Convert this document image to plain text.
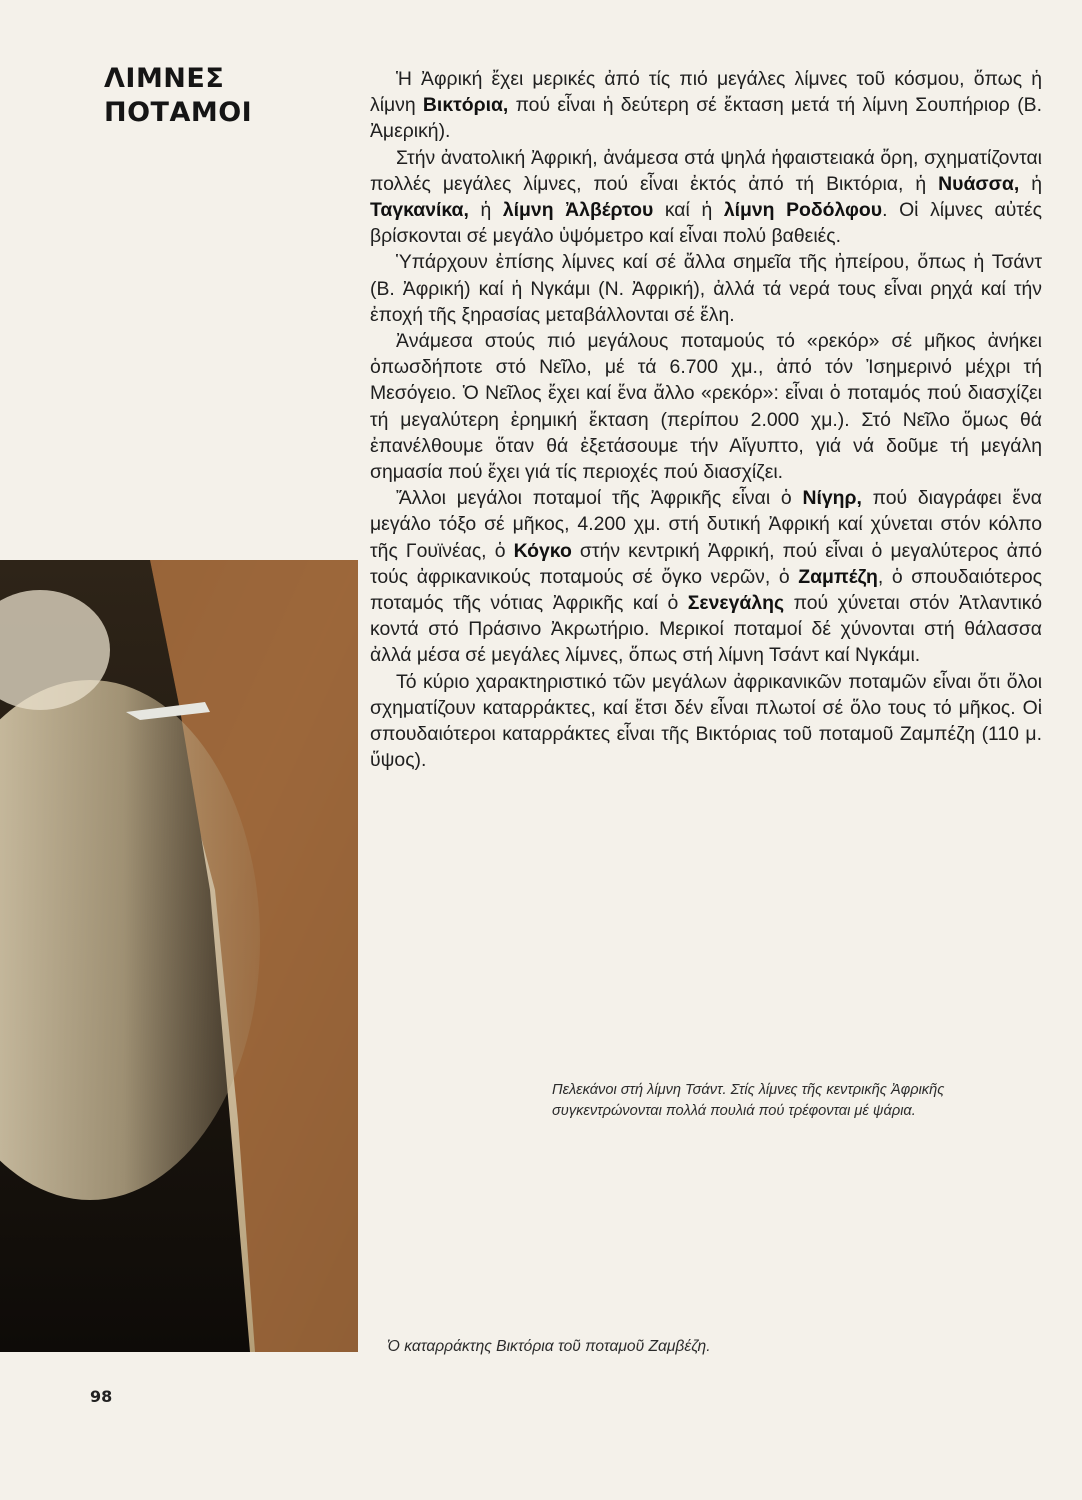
ΛΙΜΝΕΣ
ΠΟΤΑΜΟΙ

Ἡ Ἀφρική ἔχει μερικές ἀπό τίς πιό μεγάλες λίμνες τοῦ κόσμου, ὅπως ἡ λίμνη Βικτόρια, πού εἶναι ἡ δεύτερη σέ ἔκταση μετά τή λίμνη Σουπήριορ (Β. Ἀμερική).

Στήν ἀνατολική Ἀφρική, ἀνάμεσα στά ψηλά ἡφαιστειακά ὄρη, σχηματίζονται πολλές μεγάλες λίμνες, πού εἶναι ἐκτός ἀπό τή Βικτόρια, ἡ Νυάσσα, ἡ Ταγκανίκα, ἡ λίμνη Ἀλβέρτου καί ἡ λίμνη Ροδόλφου. Οἱ λίμνες αὐτές βρίσκονται σέ μεγάλο ὑψόμετρο καί εἶναι πολύ βαθειές.

Ὑπάρχουν ἐπίσης λίμνες καί σέ ἄλλα σημεῖα τῆς ἠπείρου, ὅπως ἡ Τσάντ (Β. Ἀφρική) καί ἡ Νγκάμι (Ν. Ἀφρική), ἀλλά τά νερά τους εἶναι ρηχά καί τήν ἐποχή τῆς ξηρασίας μεταβάλλονται σέ ἕλη.

Ἀνάμεσα στούς πιό μεγάλους ποταμούς τό «ρεκόρ» σέ μῆκος ἀνήκει ὁπωσδήποτε στό Νεῖλο, μέ τά 6.700 χμ., ἀπό τόν Ἰσημερινό μέχρι τή Μεσόγειο. Ὁ Νεῖλος ἔχει καί ἕνα ἄλλο «ρεκόρ»: εἶναι ὁ ποταμός πού διασχίζει τή μεγαλύτερη ἐρημική ἔκταση (περίπου 2.000 χμ.). Στό Νεῖλο ὅμως θά ἐπανέλθουμε ὅταν θά ἐξετάσουμε τήν Αἴγυπτο, γιά νά δοῦμε τή μεγάλη σημασία πού ἔχει γιά τίς περιοχές πού διασχίζει.

Ἄλλοι μεγάλοι ποταμοί τῆς Ἀφρικῆς εἶναι ὁ Νίγηρ, πού διαγράφει ἕνα μεγάλο τόξο σέ μῆκος, 4.200 χμ. στή δυτική Ἀφρική καί χύνεται στόν κόλπο τῆς Γουϊνέας, ὁ Κόγκο στήν κεντρική Ἀφρική, πού εἶναι ὁ μεγαλύτερος ἀπό τούς ἀφρικανικούς ποταμούς σέ ὄγκο νερῶν, ὁ Ζαμπέζη, ὁ σπουδαιότερος ποταμός τῆς νότιας Ἀφρικῆς καί ὁ Σενεγάλης πού χύνεται στόν Ἀτλαντικό κοντά στό Πράσινο Ἀκρωτήριο. Μερικοί ποταμοί δέ χύνονται στή θάλασσα ἀλλά μέσα σέ μεγάλες λίμνες, ὅπως στή λίμνη Τσάντ καί Νγκάμι.

Τό κύριο χαρακτηριστικό τῶν μεγάλων ἀφρικανικῶν ποταμῶν εἶναι ὅτι ὅλοι σχηματίζουν καταρράκτες, καί ἔτσι δέν εἶναι πλωτοί σέ ὅλο τους τό μῆκος. Οἱ σπουδαιότεροι καταρράκτες εἶναι τῆς Βικτόριας τοῦ ποταμοῦ Ζαμπέζη (110 μ. ὕψος).

Πελεκάνοι στή λίμνη Τσάντ. Στίς λίμνες τῆς κεντρικῆς Ἀφρικῆς συγκεντρώνονται πολλά πουλιά πού τρέφονται μέ ψάρια.
Ὁ καταρράκτης Βικτόρια τοῦ ποταμοῦ Ζαμβέζη.
98
